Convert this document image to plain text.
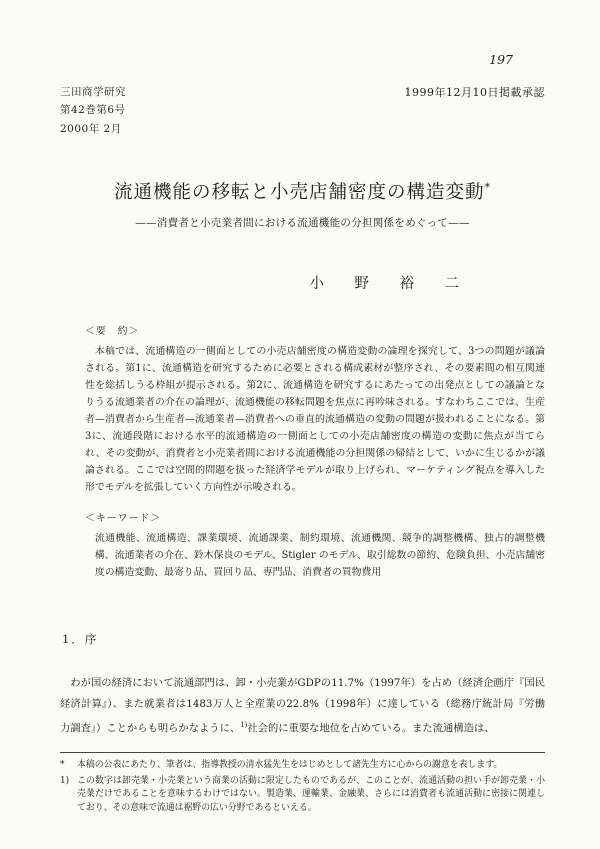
197
三田商学研究
第42巻第6号
2000年 2月
1999年12月10日掲載承認
流通機能の移転と小売店舗密度の構造変動*
——消費者と小売業者間における流通機能の分担関係をめぐって——
小　野　裕　二
＜要　約＞

本稿では、流通構造の一側面としての小売店舗密度の構造変動の論理を探究して、3つの問題が議論される。第1に、流通構造を研究するために必要とされる構成素材が整序され、その要素間の相互関連性を総括しうる枠組が提示される。第2に、流通構造を研究するにあたっての出発点としての議論となりうる流通業者の介在の論理が、流通機能の移転問題を焦点に再吟味される。すなわちここでは、生産者—消費者から生産者—流通業者—消費者への垂直的流通構造の変動の問題が扱われることになる。第3に、流通段階における水平的流通構造の一側面としての小売店舗密度の構造の変動に焦点が当てられ、その変動が、消費者と小売業者間における流通機能の分担関係の帰結として、いかに生じるかが議論される。ここでは空間的問題を扱った経済学モデルが取り上げられ、マーケティング視点を導入した形でモデルを拡張していく方向性が示唆される。

＜キーワード＞

流通機能、流通構造、課業環境、流通課業、制約環境、流通機関、競争的調整機構、独占的調整機構、流通業者の介在、鈴木保良のモデル、Stigler のモデル、取引総数の節約、危険負担、小売店舗密度の構造変動、最寄り品、買回り品、専門品、消費者の買物費用

1．序

わが国の経済において流通部門は、卸・小売業がGDPの11.7%（1997年）を占め（経済企画庁『国民経済計算』）、また就業者は1483万人と全産業の22.8%（1998年）に達している（総務庁統計局『労働力調査』）ことからも明らかなように、$^{1)}$社会的に重要な地位を占めている。また流通構造は、

*	本稿の公表にあたり、筆者は、指導教授の清水猛先生をはじめとして諸先生方に心からの謝意を表します。
1) この数字は卸売業・小売業という商業の活動に限定したものであるが、このことが、流通活動の担い手が卸売業・小売業だけであることを意味するわけではない。製造業、運輸業、金融業、さらには消費者も流通活動に密接に関連しており、その意味で流通は裾野の広い分野であるといえる。
